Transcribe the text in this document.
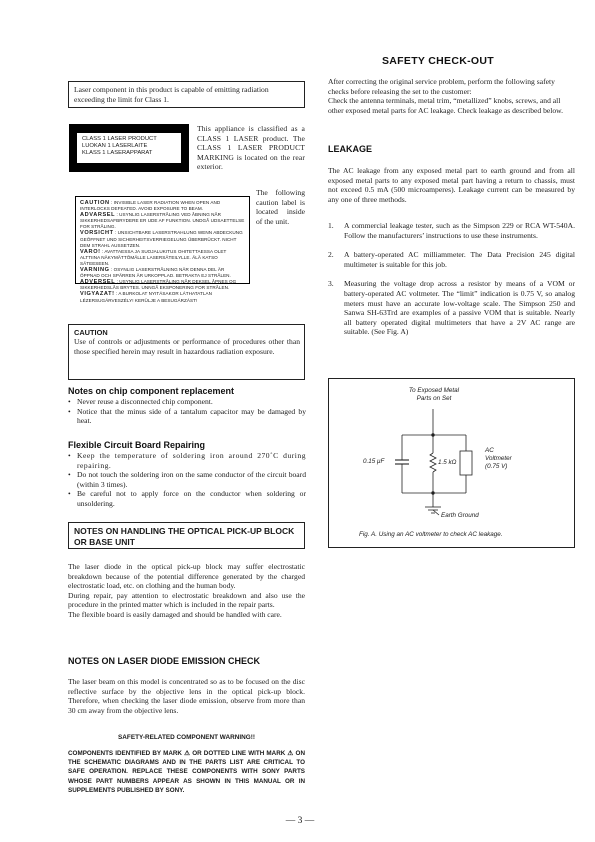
Laser component in this product is capable of emitting radiation exceeding the limit for Class 1.
CLASS 1 LASER PRODUCT
LUOKAN 1 LASERLAITE
KLASS 1 LASERAPPARAT
This appliance is classified as a CLASS 1 LASER product. The CLASS 1 LASER PRODUCT MARKING is located on the rear exterior.
The following caution label is located inside of the unit.

CAUTION : INVISIBLE LASER RADIATION WHEN OPEN AND INTERLOCKS DEFEATED. AVOID EXPOSURE TO BEAM.

ADVARSEL : USYNLIG LASERSTRÅLING VED ÅBNING NÅR SIKKERHEDSAFBRYDERE ER UDE AF FUNKTION. UNDGÅ UDSAETTELSE FOR STRÅLING.

VORSICHT : UNSICHTBARE LASERSTRAHLUNG WENN ABDECKUNG GEÖFFNET UND SICHERHEITSVERRIEGELUNG ÜBERBRÜCKT. NICHT DEM STRAHL AUSSETZEN.

VARO! : AVATTAESSA JA SUOJALUKITUS OHITETTAESSA OLET ALTTIINA NÄKYMÄTTÖMÄLLE LASERSÄTEILYLLE. ÄLÄ KATSO SÄTEESEEN.

VARNING : OSYNLIG LASERSTRÅLNING NÄR DENNA DEL ÄR ÖPPNAD OCH SPÄRREN ÄR URKOPPLAD. BETRAKTA EJ STRÅLEN.

ADVERSEL : USYNLIG LASERSTRÅLING NÅR DEKSEL ÅPNES OG SIKKERHEDSLÅS BRYTES. UNNGÅ EKSPONERING FOR STRÅLEN.

VIGYAZAT! : A BURKOLAT NYITÁSAKOR LÁTHATATLAN LÉZERSUGÁRVESZÉLY! KERÜLJE A BESUGÁRZÁST!

CAUTION
Use of controls or adjustments or performance of procedures other than those specified herein may result in hazardous radiation exposure.
Notes on chip component replacement
• Never reuse a disconnected chip component.
• Notice that the minus side of a tantalum capacitor may be damaged by heat.
Flexible Circuit Board Repairing
• Keep the temperature of soldering iron around 270˚C during repairing.
• Do not touch the soldering iron on the same conductor of the circuit board (within 3 times).
• Be careful not to apply force on the conductor when soldering or unsoldering.
NOTES ON HANDLING THE OPTICAL PICK-UP BLOCK OR BASE UNIT
The laser diode in the optical pick-up block may suffer electrostatic breakdown because of the potential difference generated by the charged electrostatic load, etc. on clothing and the human body.
During repair, pay attention to electrostatic breakdown and also use the procedure in the printed matter which is included in the repair parts.
The flexible board is easily damaged and should be handled with care.
NOTES ON LASER DIODE EMISSION CHECK
The laser beam on this model is concentrated so as to be focused on the disc reflective surface by the objective lens in the optical pick-up block. Therefore, when checking the laser diode emission, observe from more than 30 cm away from the objective lens.
SAFETY-RELATED COMPONENT WARNING!!
COMPONENTS IDENTIFIED BY MARK ⚠ OR DOTTED LINE WITH MARK ⚠ ON THE SCHEMATIC DIAGRAMS AND IN THE PARTS LIST ARE CRITICAL TO SAFE OPERATION. REPLACE THESE COMPONENTS WITH SONY PARTS WHOSE PART NUMBERS APPEAR AS SHOWN IN THIS MANUAL OR IN SUPPLEMENTS PUBLISHED BY SONY.
SAFETY CHECK-OUT
After correcting the original service problem, perform the following safety checks before releasing the set to the customer:
Check the antenna terminals, metal trim, “metallized” knobs, screws, and all other exposed metal parts for AC leakage. Check leakage as described below.
LEAKAGE
The AC leakage from any exposed metal part to earth ground and from all exposed metal parts to any exposed metal part having a return to chassis, must not exceed 0.5 mA (500 microamperes). Leakage current can be measured by any one of three methods.
1. A commercial leakage tester, such as the Simpson 229 or RCA WT-540A. Follow the manufacturers’ instructions to use these instruments.
2. A battery-operated AC milliammeter. The Data Precision 245 digital multimeter is suitable for this job.
3. Measuring the voltage drop across a resistor by means of a VOM or battery-operated AC voltmeter. The “limit” indication is 0.75 V, so analog meters must have an accurate low-voltage scale. The Simpson 250 and Sanwa SH-63Trd are examples of a passive VOM that is suitable. Nearly all battery operated digital multimeters that have a 2V AC range are suitable. (See Fig. A)
To Exposed Metal
Parts on Set
0.15 μF	1.5 kΩ
AC
Voltmeter
(0.75 V)
Earth Ground
Fig. A. Using an AC voltmeter to check AC leakage.
— 3 —
